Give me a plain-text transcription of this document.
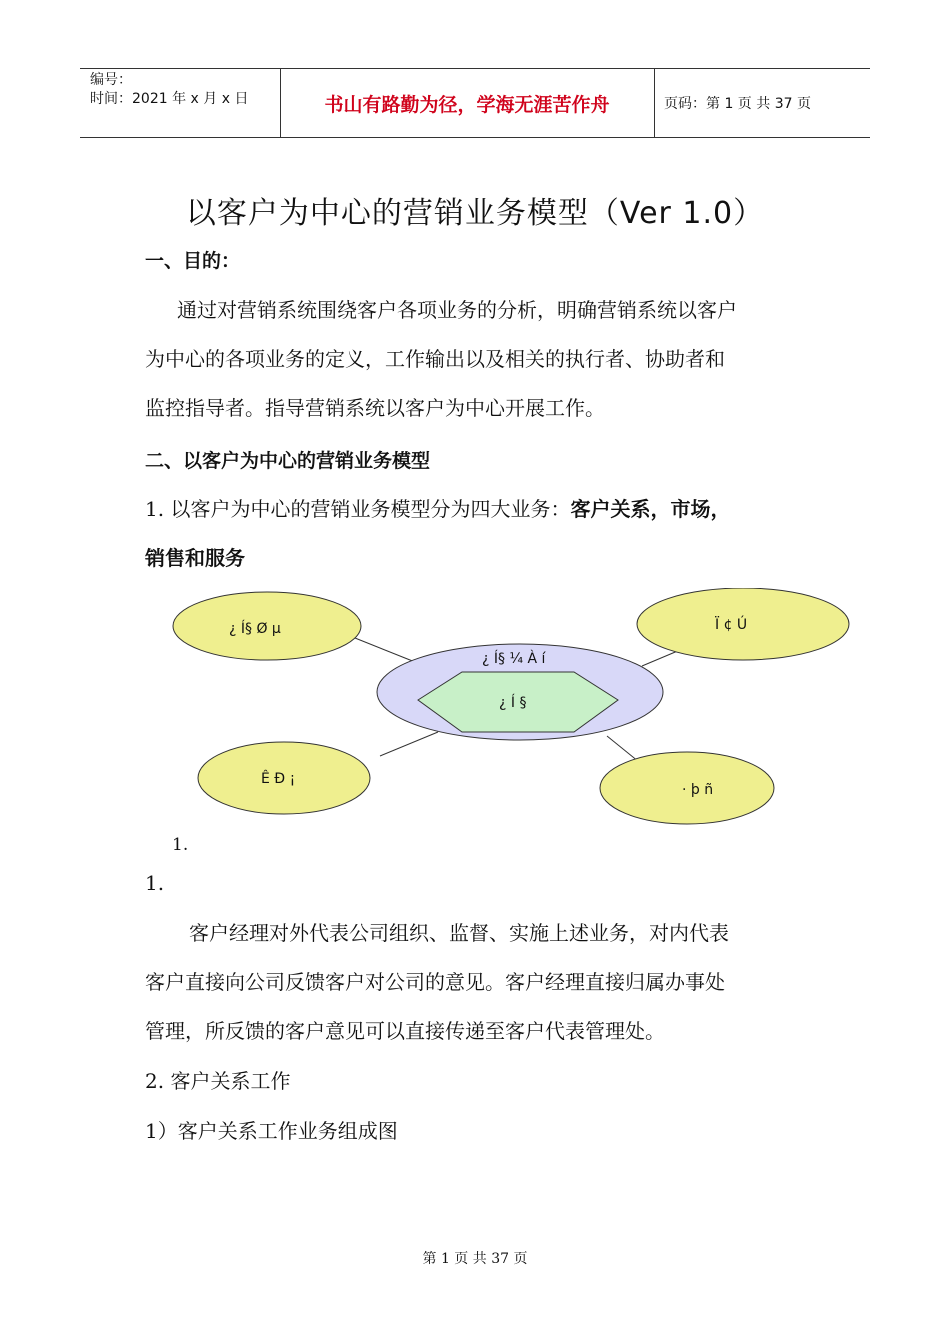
编号：
时间：2021 年 x 月 x 日	书山有路勤为径，学海无涯苦作舟	页码：第 1 页 共 37 页
以客户为中心的营销业务模型（Ver 1.0）
一、目的：
通过对营销系统围绕客户各项业务的分析，明确营销系统以客户
为中心的各项业务的定义，工作输出以及相关的执行者、协助者和
监控指导者。指导营销系统以客户为中心开展工作。
二、以客户为中心的营销业务模型
1. 以客户为中心的营销业务模型分为四大业务：客户关系，市场，
销售和服务
¿ Í§ Ø µ	Ï ¢ Ú
¿ Í§ ¼ À í
¿ Í §
Ê Ð ¡
· þ ñ
1.
1.
客户经理对外代表公司组织、监督、实施上述业务，对内代表
客户直接向公司反馈客户对公司的意见。客户经理直接归属办事处
管理，所反馈的客户意见可以直接传递至客户代表管理处。
2. 客户关系工作
1）客户关系工作业务组成图
第 1 页 共 37 页
